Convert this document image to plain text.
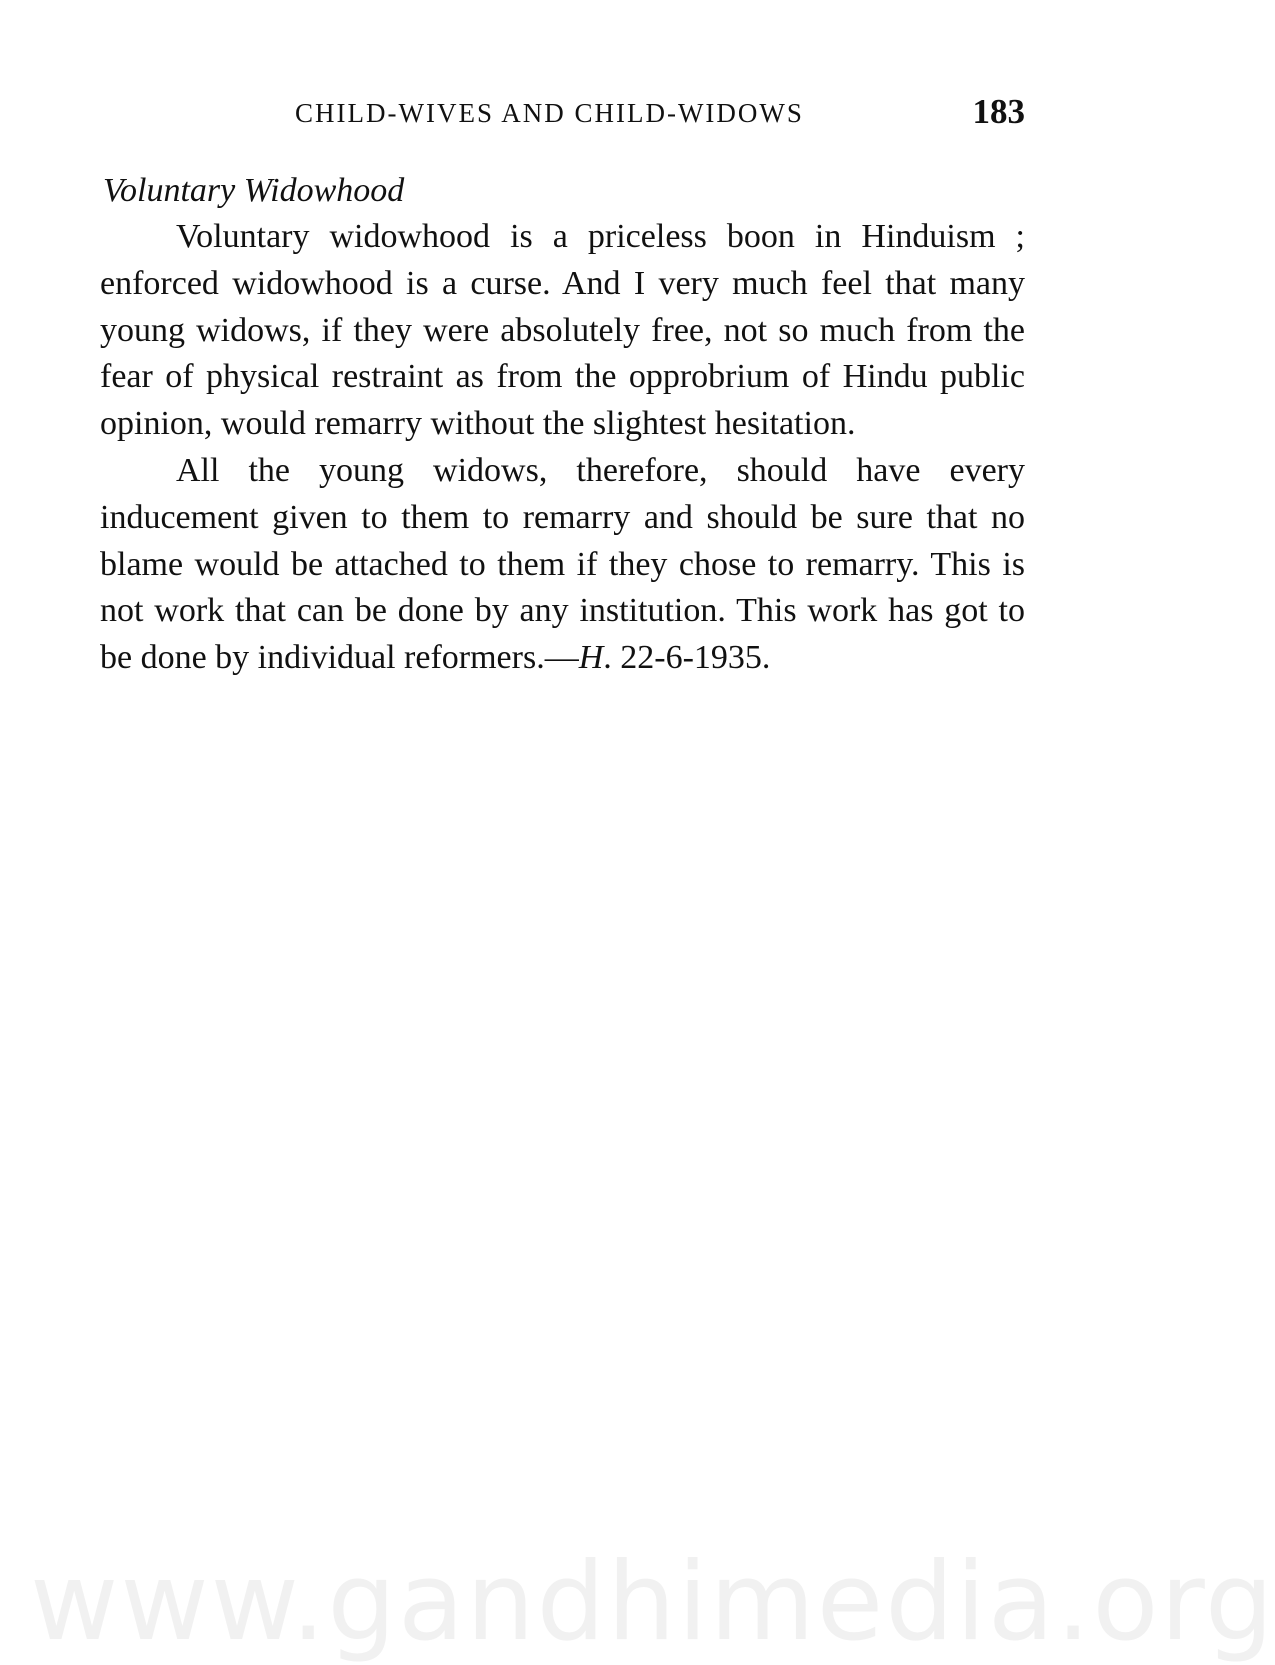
CHILD-WIVES AND CHILD-WIDOWS	183
Voluntary Widowhood

Voluntary widowhood is a priceless boon in Hinduism ; enforced widowhood is a curse. And I very much feel that many young widows, if they were absolutely free, not so much from the fear of physical restraint as from the opprobrium of Hindu public opinion, would remarry without the slightest hesitation.

All the young widows, therefore, should have every inducement given to them to remarry and should be sure that no blame would be attached to them if they chose to remarry. This is not work that can be done by any institution. This work has got to be done by individual reformers.—H. 22-6-1935.

www.gandhimedia.org
